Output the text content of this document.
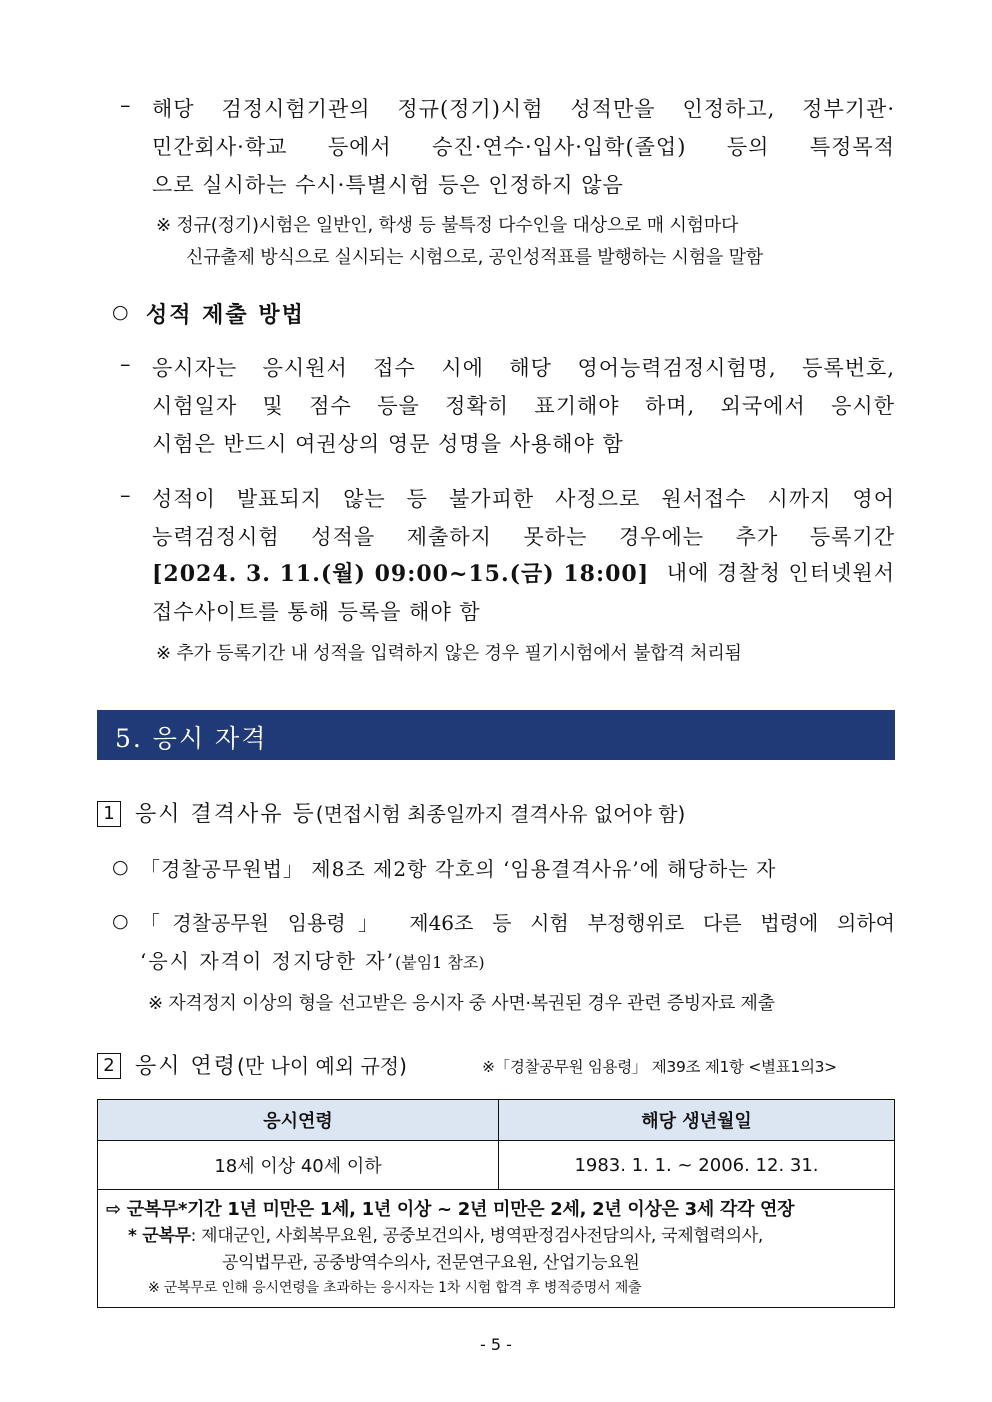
– 해당 검정시험기관의 정규(정기)시험 성적만을 인정하고, 정부기관·
민간회사·학교 등에서 승진·연수·입사·입학(졸업) 등의 특정목적
으로 실시하는 수시·특별시험 등은 인정하지 않음
※ 정규(정기)시험은 일반인, 학생 등 불특정 다수인을 대상으로 매 시험마다
신규출제 방식으로 실시되는 시험으로, 공인성적표를 발행하는 시험을 말함
○ 성적 제출 방법
– 응시자는 응시원서 접수 시에 해당 영어능력검정시험명, 등록번호,
시험일자 및 점수 등을 정확히 표기해야 하며, 외국에서 응시한
시험은 반드시 여권상의 영문 성명을 사용해야 함
– 성적이 발표되지 않는 등 불가피한 사정으로 원서접수 시까지 영어
능력검정시험 성적을 제출하지 못하는 경우에는 추가 등록기간
[2024. 3. 11.(월) 09:00~15.(금) 18:00] 내에 경찰청 인터넷원서
접수사이트를 통해 등록을 해야 함
※ 추가 등록기간 내 성적을 입력하지 않은 경우 필기시험에서 불합격 처리됨
5. 응시 자격
1 응시 결격사유 등(면접시험 최종일까지 결격사유 없어야 함)
○ 「경찰공무원법」 제8조 제2항 각호의 ‘임용결격사유’에 해당하는 자
○ 「경찰공무원 임용령」 제46조 등 시험 부정행위로 다른 법령에 의하여
‘응시 자격이 정지당한 자’(붙임1 참조)
※ 자격정지 이상의 형을 선고받은 응시자 중 사면·복권된 경우 관련 증빙자료 제출
2 응시 연령(만 나이 예외 규정)	※「경찰공무원 임용령」 제39조 제1항 <별표1의3>
응시연령	해당 생년월일
18세 이상 40세 이하	1983. 1. 1. ~ 2006. 12. 31.

⇨ 군복무*기간 1년 미만은 1세, 1년 이상 ~ 2년 미만은 2세, 2년 이상은 3세 각각 연장
* 군복무: 제대군인, 사회복무요원, 공중보건의사, 병역판정검사전담의사, 국제협력의사,
공익법무관, 공중방역수의사, 전문연구요원, 산업기능요원
※ 군복무로 인해 응시연령을 초과하는 응시자는 1차 시험 합격 후 병적증명서 제출	
- 5 -
